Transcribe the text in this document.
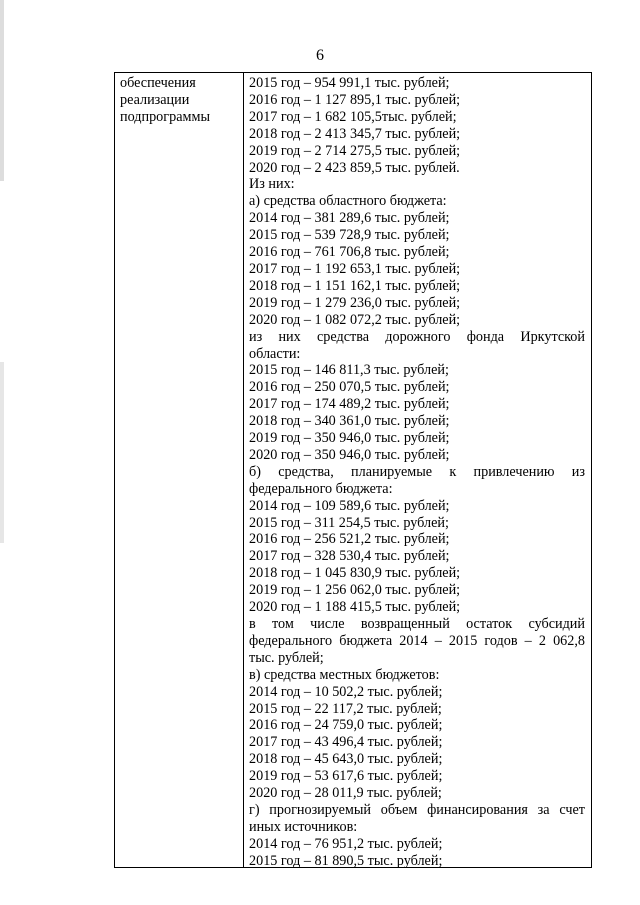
6
обеспечения
реализации
подпрограммы
2015 год – 954 991,1 тыс. рублей;
2016 год – 1 127 895,1 тыс. рублей;
2017 год – 1 682 105,5тыс. рублей;
2018 год – 2 413 345,7 тыс. рублей;
2019 год – 2 714 275,5 тыс. рублей;
2020 год – 2 423 859,5 тыс. рублей.
Из них:
а) средства областного бюджета:
2014 год – 381 289,6 тыс. рублей;
2015 год – 539 728,9 тыс. рублей;
2016 год – 761 706,8 тыс. рублей;
2017 год – 1 192 653,1 тыс. рублей;
2018 год – 1 151 162,1 тыс. рублей;
2019 год – 1 279 236,0 тыс. рублей;
2020 год – 1 082 072,2 тыс. рублей;
из них средства дорожного фонда Иркутской
области:
2015 год – 146 811,3 тыс. рублей;
2016 год – 250 070,5 тыс. рублей;
2017 год – 174 489,2 тыс. рублей;
2018 год – 340 361,0 тыс. рублей;
2019 год – 350 946,0 тыс. рублей;
2020 год – 350 946,0 тыс. рублей;
б) средства, планируемые к привлечению из
федерального бюджета:
2014 год – 109 589,6 тыс. рублей;
2015 год – 311 254,5 тыс. рублей;
2016 год – 256 521,2 тыс. рублей;
2017 год – 328 530,4 тыс. рублей;
2018 год – 1 045 830,9 тыс. рублей;
2019 год – 1 256 062,0 тыс. рублей;
2020 год – 1 188 415,5 тыс. рублей;
в том числе возвращенный остаток субсидий
федерального бюджета 2014 – 2015 годов – 2 062,8
тыс. рублей;
в) средства местных бюджетов:
2014 год – 10 502,2 тыс. рублей;
2015 год – 22 117,2 тыс. рублей;
2016 год – 24 759,0 тыс. рублей;
2017 год – 43 496,4 тыс. рублей;
2018 год – 45 643,0 тыс. рублей;
2019 год – 53 617,6 тыс. рублей;
2020 год – 28 011,9 тыс. рублей;
г) прогнозируемый объем финансирования за счет
иных источников:
2014 год – 76 951,2 тыс. рублей;
2015 год – 81 890,5 тыс. рублей;
